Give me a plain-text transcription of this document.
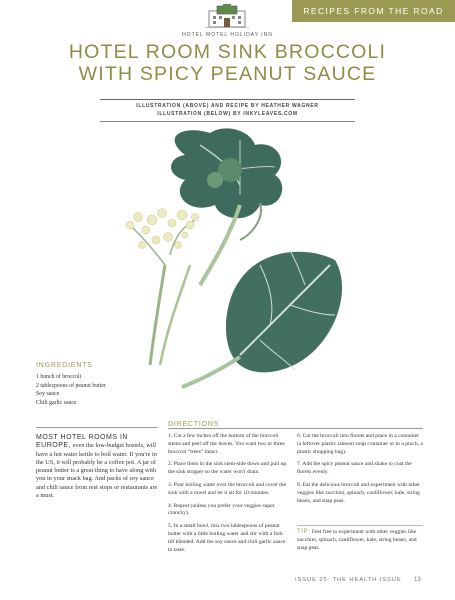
HOTEL MOTEL HOLIDAY INN
RECIPES FROM THE ROAD
HOTEL ROOM SINK BROCCOLI
WITH SPICY PEANUT SAUCE
ILLUSTRATION (ABOVE) AND RECIPE BY HEATHER WAGNER
ILLUSTRATION (BELOW) BY INKYLEAVES.COM
INGREDIENTS
1 bunch of broccoli
2 tablespoons of peanut butter
Soy sauce
Chili garlic sauce
MOST HOTEL ROOMS IN EUROPE, even the low-budget hostels, will have a hot water kettle to boil water. If you're in the US, it will probably be a coffee pot. A jar of peanut butter is a great thing to have along with you in your snack bag. And packs of soy sauce and chili sauce from rest stops or restaurants are a must.
DIRECTIONS

1. Cut a few inches off the bottom of the broccoli stems and peel off the leaves. You want two or three broccoli “trees” intact.

2. Place them in the sink stem-side down and pull up the sink stopper so the water won't drain.

3. Pour boiling water over the broccoli and cover the sink with a towel and let it sit for 10 minutes.

4. Repeat (unless you prefer your veggies super crunchy).

5. In a small bowl, mix two tablespoons of peanut butter with a little boiling water and stir with a fork till blended. Add the soy sauce and chili garlic sauce to taste.

6. Cut the broccoli into florets and place in a container (a leftover plastic takeout soup container or in a pinch, a plastic shopping bag).

7. Add the spicy peanut sauce and shake to coat the florets evenly.

8. Eat the delicious broccoli and experiment with other veggies like zucchini, spinach, cauliflower, kale, string beans, and snap peas.

TIP: Feel free to experiment with other veggies like zucchini, spinach, cauliflower, kale, string beans, and snap peas.
ISSUE 25: THE HEALTH ISSUE 13
